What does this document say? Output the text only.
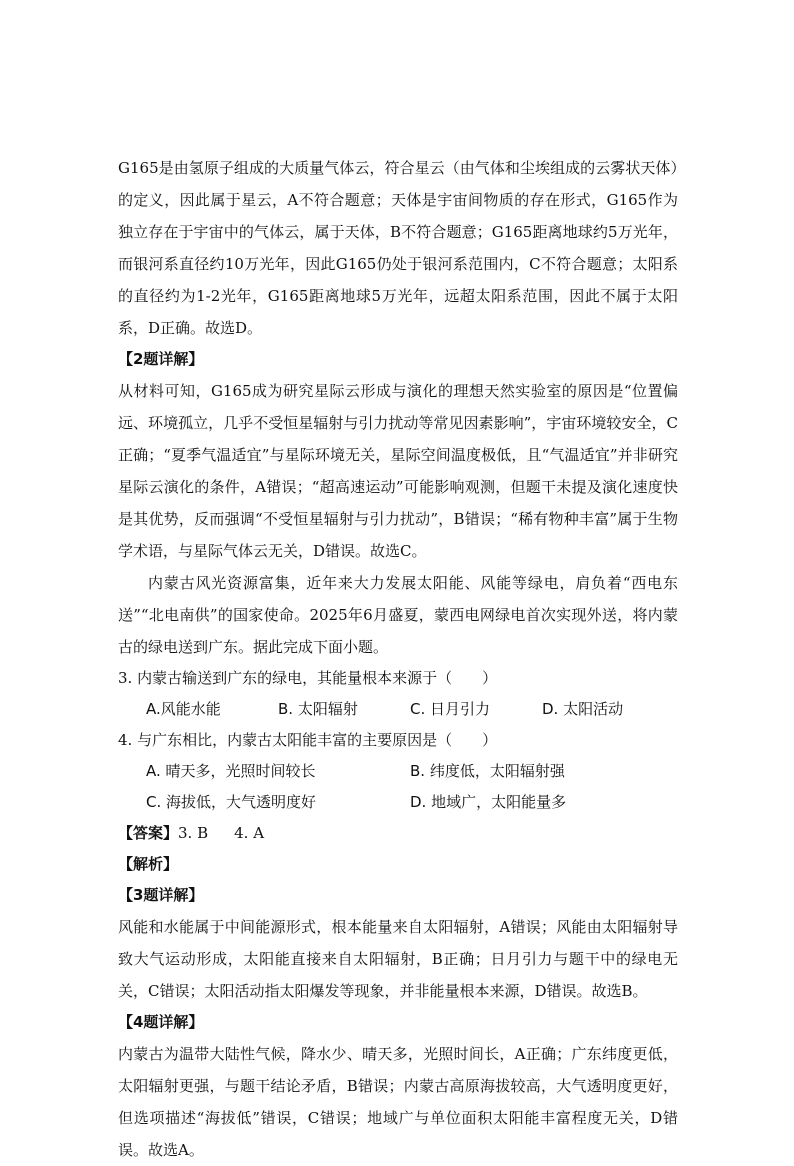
G165是由氢原子组成的大质量气体云，符合星云（由气体和尘埃组成的云雾状天体）的定义，因此属于星云，A不符合题意；天体是宇宙间物质的存在形式，G165作为独立存在于宇宙中的气体云，属于天体，B不符合题意；G165距离地球约5万光年，而银河系直径约10万光年，因此G165仍处于银河系范围内，C不符合题意；太阳系的直径约为1-2光年，G165距离地球5万光年，远超太阳系范围，因此不属于太阳系，D正确。故选D。

【2题详解】

从材料可知，G165成为研究星际云形成与演化的理想天然实验室的原因是“位置偏远、环境孤立，几乎不受恒星辐射与引力扰动等常见因素影响”，宇宙环境较安全，C正确；“夏季气温适宜”与星际环境无关，星际空间温度极低，且“气温适宜”并非研究星际云演化的条件，A错误；“超高速运动”可能影响观测，但题干未提及演化速度快是其优势，反而强调“不受恒星辐射与引力扰动”，B错误；“稀有物种丰富”属于生物学术语，与星际气体云无关，D错误。故选C。

内蒙古风光资源富集，近年来大力发展太阳能、风能等绿电，肩负着“西电东送”“北电南供”的国家使命。2025年6月盛夏，蒙西电网绿电首次实现外送，将内蒙古的绿电送到广东。据此完成下面小题。

3. 内蒙古输送到广东的绿电，其能量根本来源于（　　）

A.风能水能	B. 太阳辐射	C. 日月引力	D. 太阳活动

4. 与广东相比，内蒙古太阳能丰富的主要原因是（　　）

A. 晴天多，光照时间较长	B. 纬度低，太阳辐射强
C. 海拔低，大气透明度好	D. 地域广，太阳能量多

【答案】3. B 4. A

【解析】

【3题详解】

风能和水能属于中间能源形式，根本能量来自太阳辐射，A错误；风能由太阳辐射导致大气运动形成，太阳能直接来自太阳辐射，B正确；日月引力与题干中的绿电无关，C错误；太阳活动指太阳爆发等现象，并非能量根本来源，D错误。故选B。

【4题详解】

内蒙古为温带大陆性气候，降水少、晴天多，光照时间长，A正确；广东纬度更低，太阳辐射更强，与题干结论矛盾，B错误；内蒙古高原海拔较高，大气透明度更好，但选项描述“海拔低”错误，C错误；地域广与单位面积太阳能丰富程度无关，D错误。故选A。
